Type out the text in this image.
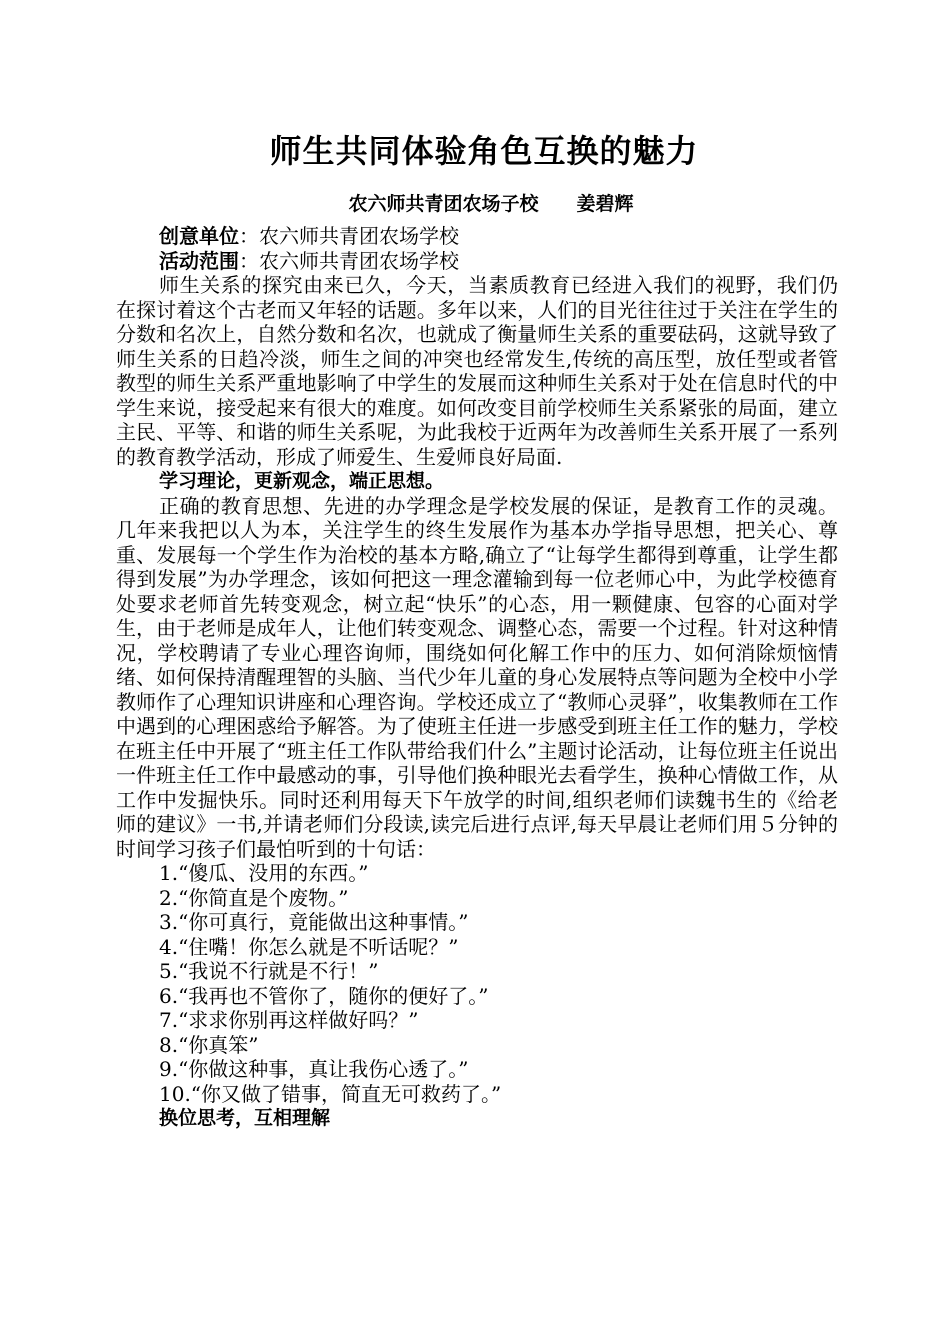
师生共同体验角色互换的魅力
农六师共青团农场子校 姜碧辉

创意单位：农六师共青团农场学校

活动范围：农六师共青团农场学校

师生关系的探究由来已久，今天，当素质教育已经进入我们的视野，我们仍在探讨着这个古老而又年轻的话题。多年以来，人们的目光往往过于关注在学生的分数和名次上，自然分数和名次，也就成了衡量师生关系的重要砝码，这就导致了师生关系的日趋冷淡，师生之间的冲突也经常发生,传统的高压型，放任型或者管教型的师生关系严重地影响了中学生的发展而这种师生关系对于处在信息时代的中学生来说，接受起来有很大的难度。如何改变目前学校师生关系紧张的局面，建立主民、平等、和谐的师生关系呢，为此我校于近两年为改善师生关系开展了一系列的教育教学活动，形成了师爱生、生爱师良好局面.

学习理论，更新观念，端正思想。

正确的教育思想、先进的办学理念是学校发展的保证，是教育工作的灵魂。几年来我把以人为本，关注学生的终生发展作为基本办学指导思想，把关心、尊重、发展每一个学生作为治校的基本方略,确立了“让每学生都得到尊重，让学生都得到发展”为办学理念，该如何把这一理念灌输到每一位老师心中，为此学校德育处要求老师首先转变观念，树立起“快乐”的心态，用一颗健康、包容的心面对学生，由于老师是成年人，让他们转变观念、调整心态，需要一个过程。针对这种情况，学校聘请了专业心理咨询师，围绕如何化解工作中的压力、如何消除烦恼情绪、如何保持清醒理智的头脑、当代少年儿童的身心发展特点等问题为全校中小学教师作了心理知识讲座和心理咨询。学校还成立了“教师心灵驿”，收集教师在工作中遇到的心理困惑给予解答。为了使班主任进一步感受到班主任工作的魅力，学校在班主任中开展了“班主任工作队带给我们什么”主题讨论活动，让每位班主任说出一件班主任工作中最感动的事，引导他们换种眼光去看学生，换种心情做工作，从工作中发掘快乐。同时还利用每天下午放学的时间,组织老师们读魏书生的《给老师的建议》一书,并请老师们分段读,读完后进行点评,每天早晨让老师们用５分钟的时间学习孩子们最怕听到的十句话：

1.“傻瓜、没用的东西。”
2.“你简直是个废物。”
3.“你可真行，竟能做出这种事情。”
4.“住嘴！你怎么就是不听话呢？”
5.“我说不行就是不行！”
6.“我再也不管你了，随你的便好了。”
7.“求求你别再这样做好吗？”
8.“你真笨”
9.“你做这种事，真让我伤心透了。”
10.“你又做了错事，简直无可救药了。”

换位思考，互相理解
